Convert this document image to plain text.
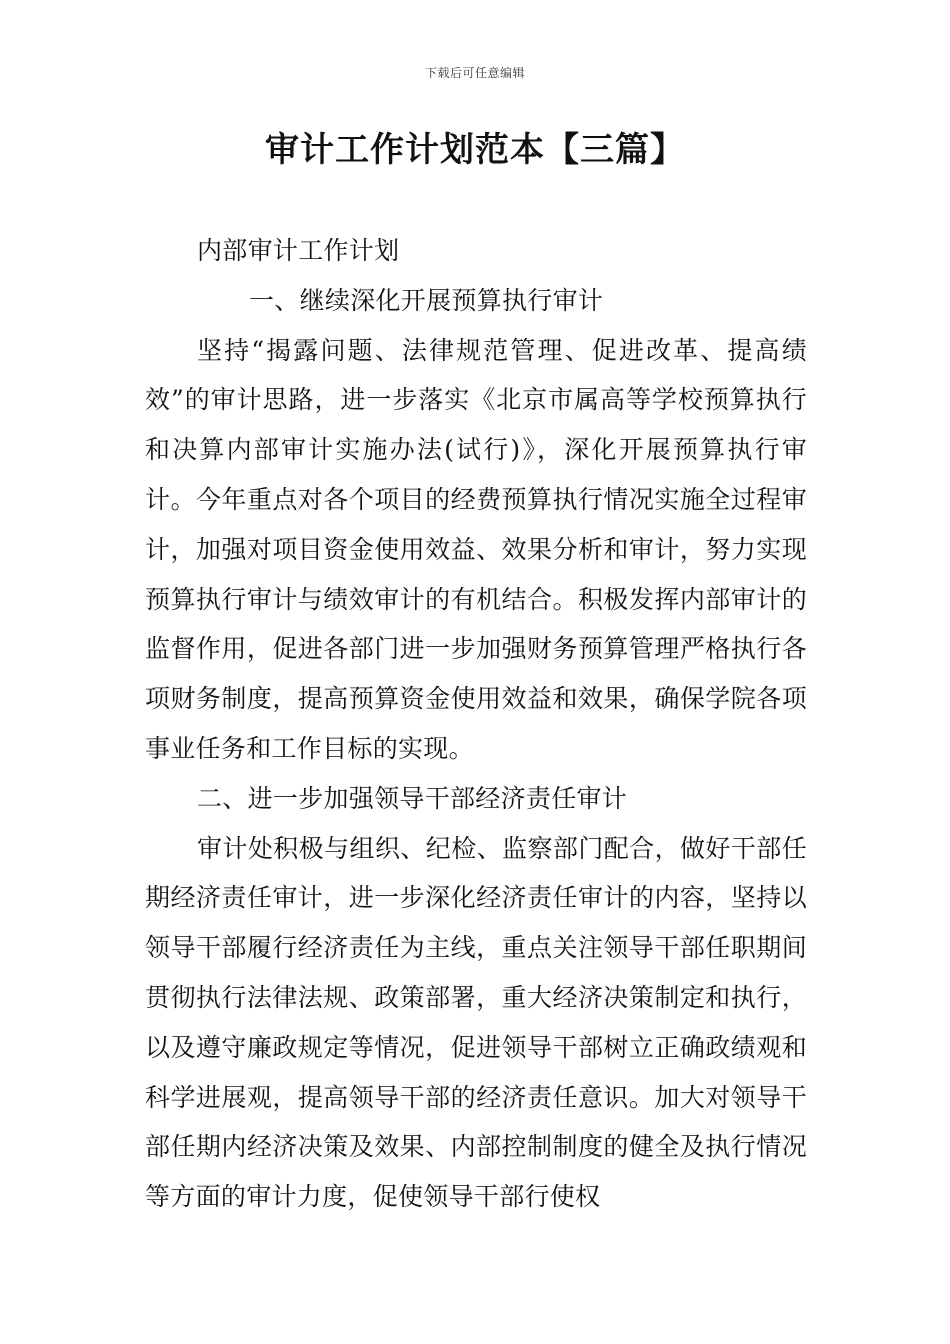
下载后可任意编辑
审计工作计划范本【三篇】

内部审计工作计划

一、继续深化开展预算执行审计

坚持“揭露问题、法律规范管理、促进改革、提高绩效”的审计思路，进一步落实《北京市属高等学校预算执行和决算内部审计实施办法(试行)》，深化开展预算执行审计。今年重点对各个项目的经费预算执行情况实施全过程审计，加强对项目资金使用效益、效果分析和审计，努力实现预算执行审计与绩效审计的有机结合。积极发挥内部审计的监督作用，促进各部门进一步加强财务预算管理严格执行各项财务制度，提高预算资金使用效益和效果，确保学院各项事业任务和工作目标的实现。

二、进一步加强领导干部经济责任审计

审计处积极与组织、纪检、监察部门配合，做好干部任期经济责任审计，进一步深化经济责任审计的内容，坚持以领导干部履行经济责任为主线，重点关注领导干部任职期间贯彻执行法律法规、政策部署，重大经济决策制定和执行，以及遵守廉政规定等情况，促进领导干部树立正确政绩观和科学进展观，提高领导干部的经济责任意识。加大对领导干部任期内经济决策及效果、内部控制制度的健全及执行情况等方面的审计力度，促使领导干部行使权
